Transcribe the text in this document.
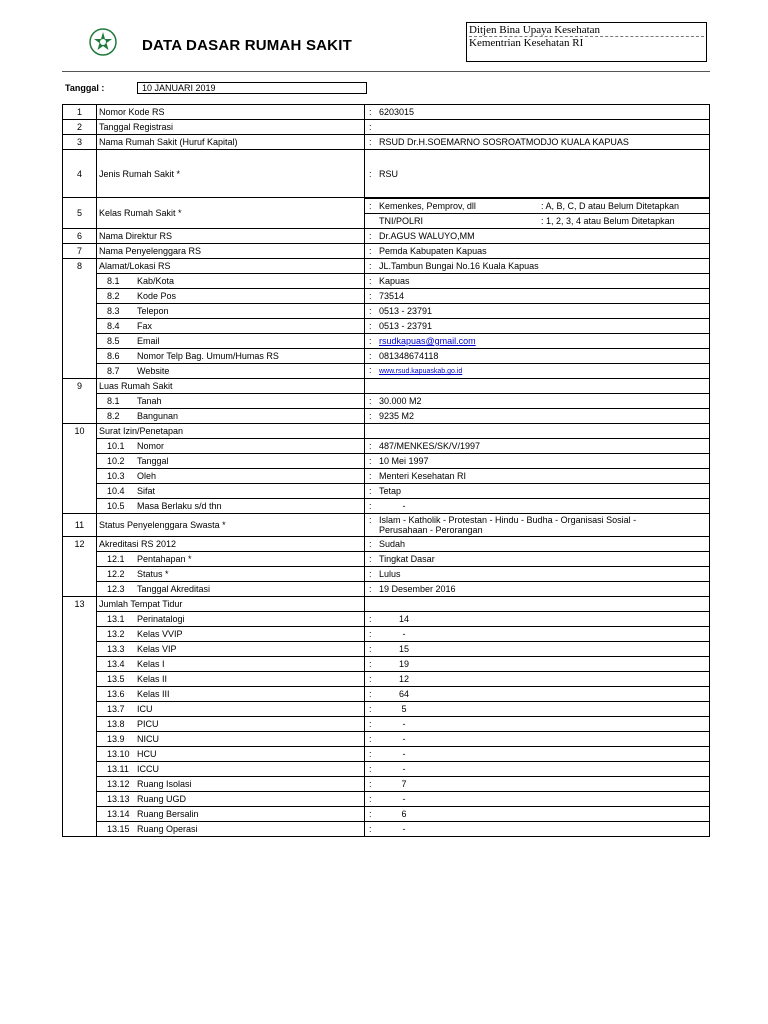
DATA DASAR RUMAH SAKIT
Ditjen Bina Upaya Kesehatan
Kementrian Kesehatan RI
Tanggal :	10 JANUARI 2019
1	Nomor Kode RS	: 6203015
2	Tanggal Registrasi	:
3	Nama Rumah Sakit (Huruf Kapital)	: RSUD Dr.H.SOEMARNO SOSROATMODJO KUALA KAPUAS
4	Jenis Rumah Sakit *	: RSU
5	Kelas Rumah Sakit *	
: Kemenkes, Pemprov, dll	: A, B, C, D atau Belum Ditetapkan
TNI/POLRI	: 1, 2, 3, 4 atau Belum Ditetapkan

6	Nama Direktur RS	: Dr.AGUS WALUYO,MM
7	Nama Penyelenggara RS	: Pemda Kabupaten Kapuas
8	Alamat/Lokasi RS	: JL.Tambun Bungai No.16 Kuala Kapuas
	8.1 Kab/Kota	: Kapuas
	8.2 Kode Pos	: 73514
	8.3 Telepon	: 0513 - 23791
	8.4 Fax	: 0513 - 23791
	8.5 Email	: rsudkapuas@gmail.com
	8.6 Nomor Telp Bag. Umum/Humas RS	: 081348674118
	8.7 Website	: www.rsud.kapuaskab.go.id
9	Luas Rumah Sakit	
	8.1 Tanah	: 30.000 M2
	8.2 Bangunan	: 9235 M2
10	Surat Izin/Penetapan	
	10.1 Nomor	: 487/MENKES/SK/V/1997
	10.2 Tanggal	: 10 Mei 1997
	10.3 Oleh	: Menteri Kesehatan RI
	10.4 Sifat	: Tetap
	10.5 Masa Berlaku s/d thn	:	-
11	Status Penyelenggara Swasta *	: Islam - Katholik - Protestan - Hindu - Budha - Organisasi Sosial -
Perusahaan - Perorangan

12	Akreditasi RS 2012	: Sudah
	12.1 Pentahapan *	: Tingkat Dasar
	12.2 Status *	: Lulus
	12.3 Tanggal Akreditasi	: 19 Desember 2016
13	Jumlah Tempat Tidur	
	13.1 Perinatalogi	:	14
	13.2 Kelas VVIP	:	-
	13.3 Kelas VIP	:	15
	13.4 Kelas I	:	19
	13.5 Kelas II	:	12
	13.6 Kelas III	:	64
	13.7 ICU	:	5
	13.8 PICU	:	-
	13.9 NICU	:	-
	13.10 HCU	:	-
	13.11 ICCU	:	-
	13.12 Ruang Isolasi	:	7
	13.13 Ruang UGD	:	-
	13.14 Ruang Bersalin	:	6
	13.15 Ruang Operasi	:	-
